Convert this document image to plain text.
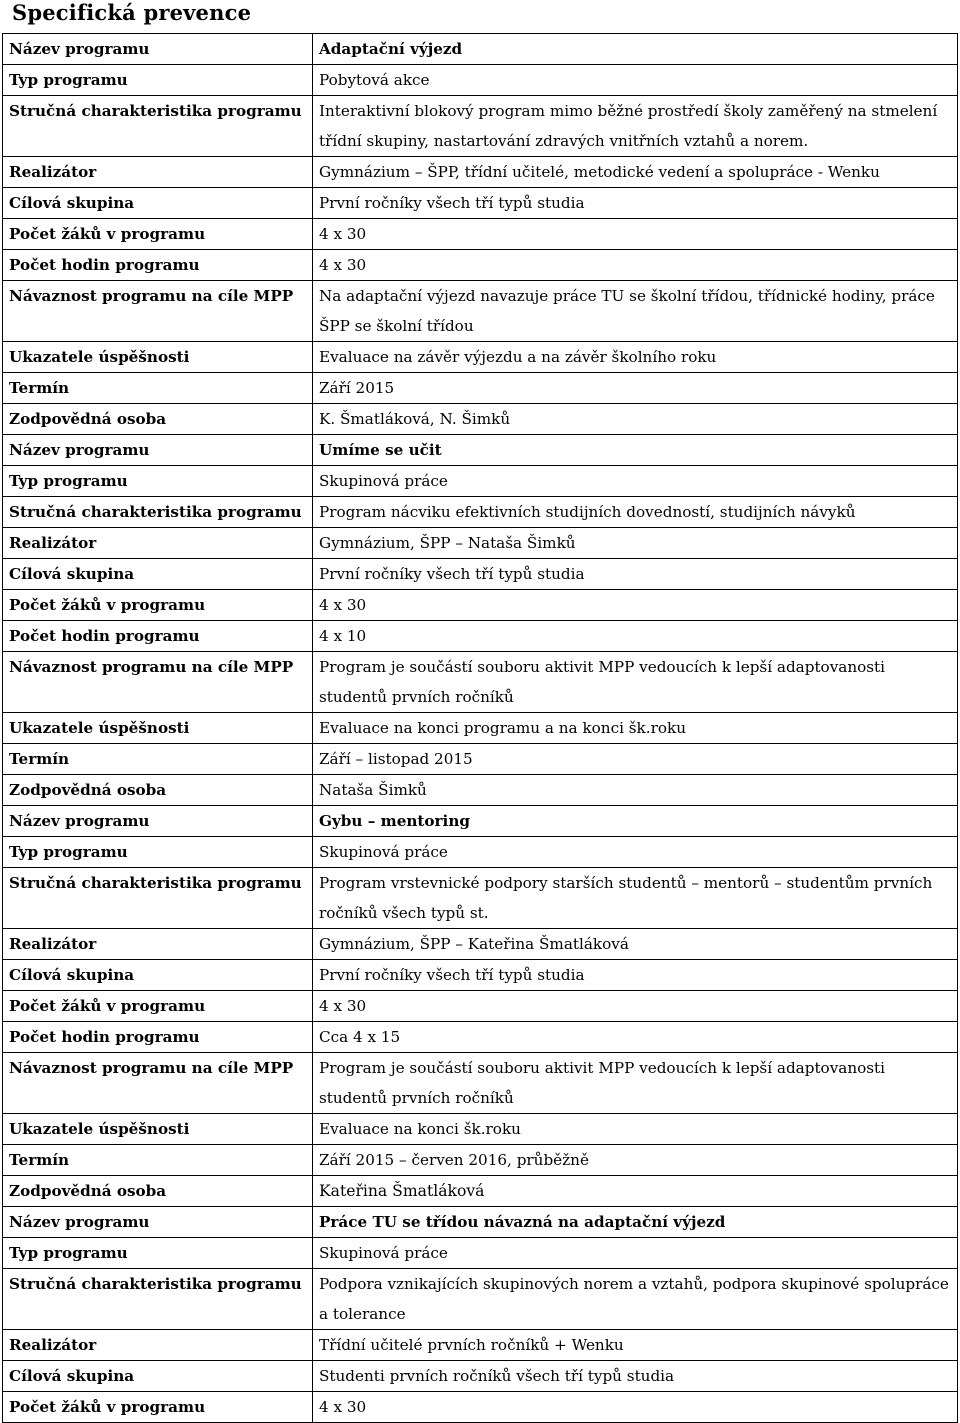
Specifická prevence
Název programu	Adaptační výjezd
Typ programu	Pobytová akce
Stručná charakteristika programu	Interaktivní blokový program mimo běžné prostředí školy zaměřený na stmelení třídní skupiny, nastartování zdravých vnitřních vztahů a norem.
Realizátor	Gymnázium – ŠPP, třídní učitelé, metodické vedení a spolupráce - Wenku
Cílová skupina	První ročníky všech tří typů studia
Počet žáků v programu	4 x 30
Počet hodin programu	4 x 30
Návaznost programu na cíle MPP	Na adaptační výjezd navazuje práce TU se školní třídou, třídnické hodiny, práce ŠPP se školní třídou
Ukazatele úspěšnosti	Evaluace na závěr výjezdu a na závěr školního roku
Termín	Září 2015
Zodpovědná osoba	K. Šmatláková, N. Šimků
Název programu	Umíme se učit
Typ programu	Skupinová práce
Stručná charakteristika programu	Program nácviku efektivních studijních dovedností, studijních návyků
Realizátor	Gymnázium, ŠPP – Nataša Šimků
Cílová skupina	První ročníky všech tří typů studia
Počet žáků v programu	4 x 30
Počet hodin programu	4 x 10
Návaznost programu na cíle MPP	Program je součástí souboru aktivit MPP vedoucích k lepší adaptovanosti studentů prvních ročníků
Ukazatele úspěšnosti	Evaluace na konci programu a na konci šk.roku
Termín	Září – listopad 2015
Zodpovědná osoba	Nataša Šimků
Název programu	Gybu – mentoring
Typ programu	Skupinová práce
Stručná charakteristika programu	Program vrstevnické podpory starších studentů – mentorů – studentům prvních ročníků všech typů st.
Realizátor	Gymnázium, ŠPP – Kateřina Šmatláková
Cílová skupina	První ročníky všech tří typů studia
Počet žáků v programu	4 x 30
Počet hodin programu	Cca 4 x 15
Návaznost programu na cíle MPP	Program je součástí souboru aktivit MPP vedoucích k lepší adaptovanosti studentů prvních ročníků
Ukazatele úspěšnosti	Evaluace na konci šk.roku
Termín	Září 2015 – červen 2016, průběžně
Zodpovědná osoba	Kateřina Šmatláková
Název programu	Práce TU se třídou návazná na adaptační výjezd
Typ programu	Skupinová práce
Stručná charakteristika programu	Podpora vznikajících skupinových norem a vztahů, podpora skupinové spolupráce a tolerance
Realizátor	Třídní učitelé prvních ročníků + Wenku
Cílová skupina	Studenti prvních ročníků všech tří typů studia
Počet žáků v programu	4 x 30
